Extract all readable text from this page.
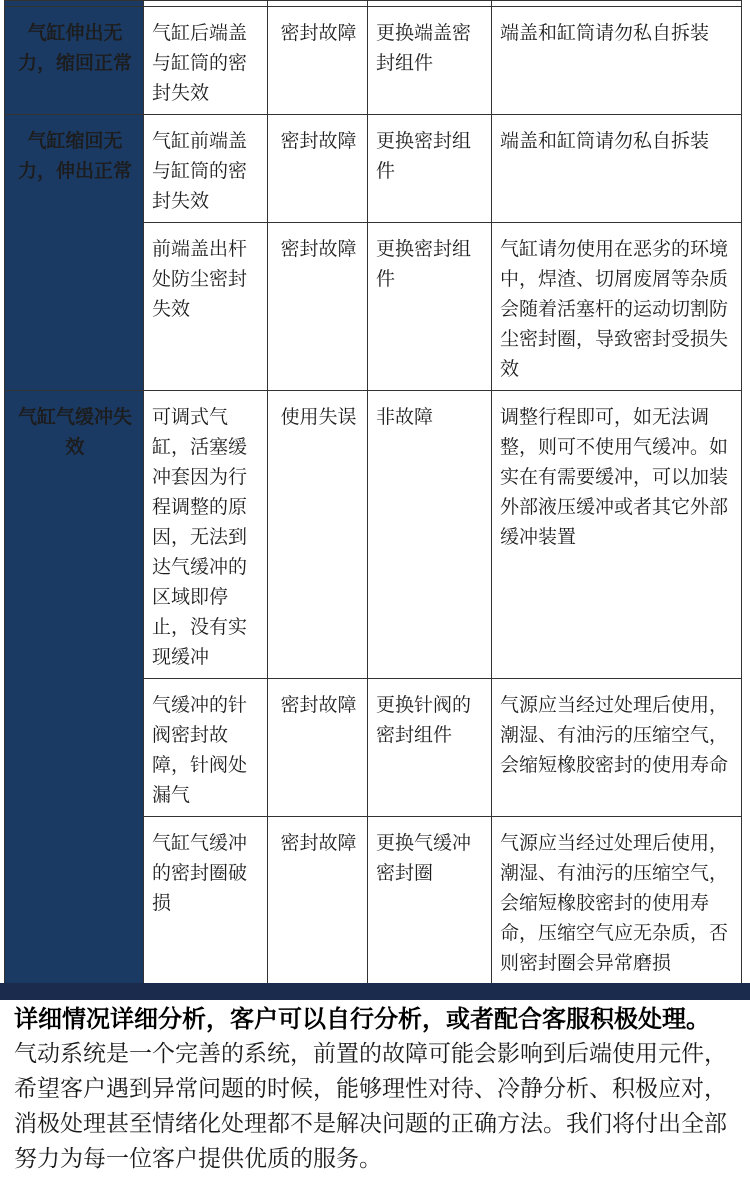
气缸伸出无力，缩回正常	气缸后端盖与缸筒的密封失效	密封故障	更换端盖密封组件	端盖和缸筒请勿私自拆装
气缸缩回无力，伸出正常	气缸前端盖与缸筒的密封失效	密封故障	更换密封组件	端盖和缸筒请勿私自拆装
	前端盖出杆处防尘密封失效	密封故障	更换密封组件	气缸请勿使用在恶劣的环境中，焊渣、切屑废屑等杂质会随着活塞杆的运动切割防尘密封圈，导致密封受损失效
气缸气缓冲失效	可调式气缸，活塞缓冲套因为行程调整的原因，无法到达气缓冲的区域即停止，没有实现缓冲	使用失误	非故障	调整行程即可，如无法调整，则可不使用气缓冲。如实在有需要缓冲，可以加装外部液压缓冲或者其它外部缓冲装置
	气缓冲的针阀密封故障，针阀处漏气	密封故障	更换针阀的密封组件	气源应当经过处理后使用，潮湿、有油污的压缩空气，会缩短橡胶密封的使用寿命
	气缸气缓冲的密封圈破损	密封故障	更换气缓冲密封圈	气源应当经过处理后使用，潮湿、有油污的压缩空气，会缩短橡胶密封的使用寿命，压缩空气应无杂质，否则密封圈会异常磨损

详细情况详细分析，客户可以自行分析，或者配合客服积极处理。

气动系统是一个完善的系统，前置的故障可能会影响到后端使用元件，希望客户遇到异常问题的时候，能够理性对待、冷静分析、积极应对，消极处理甚至情绪化处理都不是解决问题的正确方法。我们将付出全部努力为每一位客户提供优质的服务。
